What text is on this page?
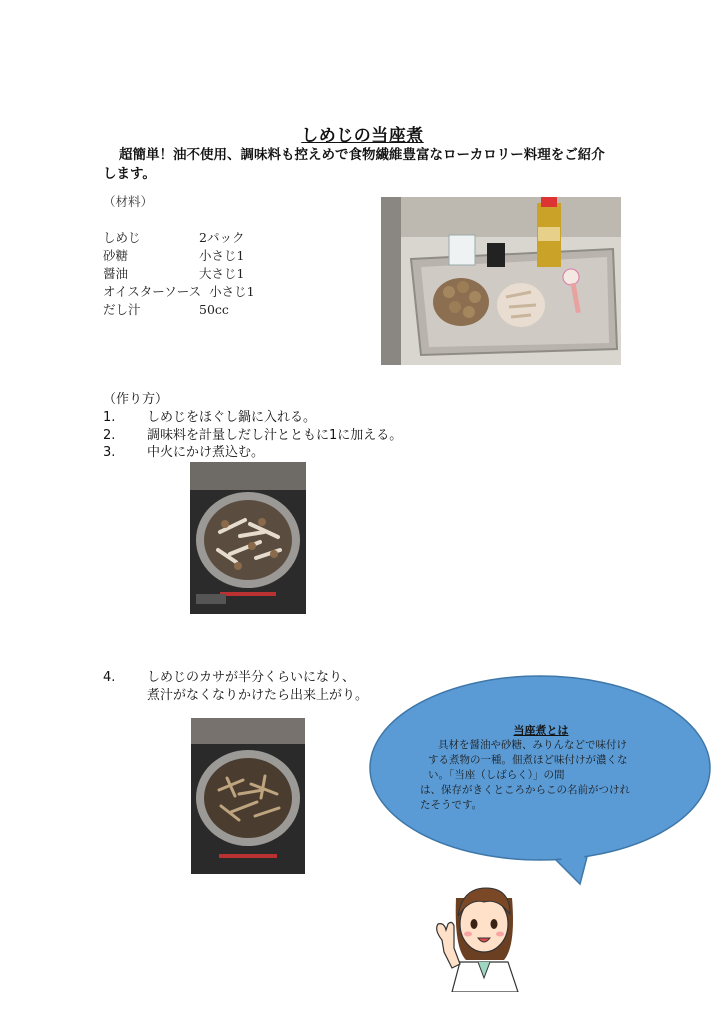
しめじの当座煮
超簡単！油不使用、調味料も控えめで食物繊維豊富なローカロリー料理をご紹介
します。
（材料）
しめじ	2パック
砂糖	小さじ1
醤油	大さじ1
オイスターソース 小さじ1
だし汁	50cc
（作り方）
1. しめじをほぐし鍋に入れる。
2. 調味料を計量しだし汁とともに1に加える。
3. 中火にかけ煮込む。
4. しめじのカサが半分くらいになり、
煮汁がなくなりかけたら出来上がり。
当座煮とは
具材を醤油や砂糖、みりんなどで味付け
する煮物の一種。佃煮ほど味付けが濃くな
い。「当座（しばらく）」の間
は、保存がきくところからこの名前がつけれ
たそうです。
